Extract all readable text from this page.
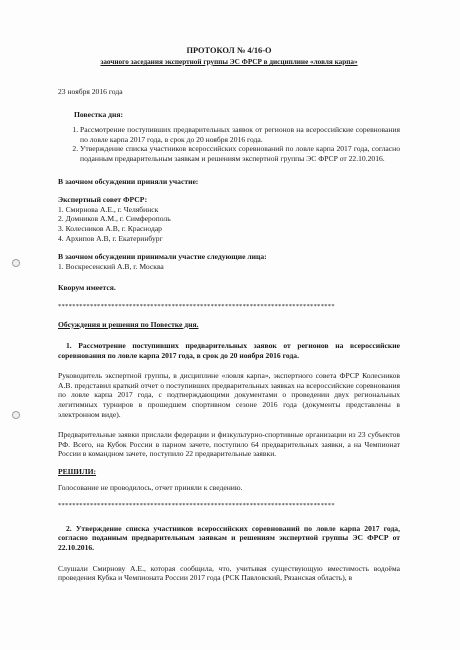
ПРОТОКОЛ № 4/16-О
заочного заседания экспертной группы ЭС ФРСР в дисциплине «ловля карпа»
23 ноября 2016 года
Повестка дня:
1. Рассмотрение поступивших предварительных заявок от регионов на всероссийские соревнования по ловле карпа 2017 года, в срок до 20 ноября 2016 года.
2. Утверждение списка участников всероссийских соревнований по ловле карпа 2017 года, согласно поданным предварительным заявкам и решениям экспертной группы ЭС ФРСР от 22.10.2016.
В заочном обсуждении приняли участие:
Экспертный совет ФРСР:
1. Смирнова А.Е., г. Челябинск
2. Домников А.М., г. Симферополь
3. Колесников А.В, г. Краснодар
4. Архипов А.В, г. Екатеринбург
В заочном обсуждении принимали участие следующие лица:
1. Воскресенский А.В, г. Москва
Кворум имеется.
******************************************************************************
Обсуждения и решения по Повестке дня.
1. Рассмотрение поступивших предварительных заявок от регионов на всероссийские соревнования по ловле карпа 2017 года, в срок до 20 ноября 2016 года.
Руководитель экспертной группы, в дисциплине «ловля карпа», экспертного совета ФРСР Колесников А.В. представил краткий отчет о поступивших предварительных заявках на всероссийские соревнования по ловле карпа 2017 года, с подтверждающими документами о проведении двух региональных легитимных турниров в прошедшем спортивном сезоне 2016 года (документы представлены в электронном виде).
Предварительные заявки прислали федерации и физкультурно-спортивные организации из 23 субъектов РФ. Всего, на Кубок России в парном зачете, поступило 64 предварительных заявки, а на Чемпионат России в командном зачете, поступило 22 предварительные заявки.
РЕШИЛИ:
Голосование не проводилось, отчет приняли к сведению.
******************************************************************************
2. Утверждение списка участников всероссийских соревнований по ловле карпа 2017 года, согласно поданным предварительным заявкам и решениям экспертной группы ЭС ФРСР от 22.10.2016.
Слушали Смирнову А.Е., которая сообщила, что, учитывая существующую вместимость водоёма проведения Кубка и Чемпионата России 2017 года (РСК Павловский, Рязанская область), в
